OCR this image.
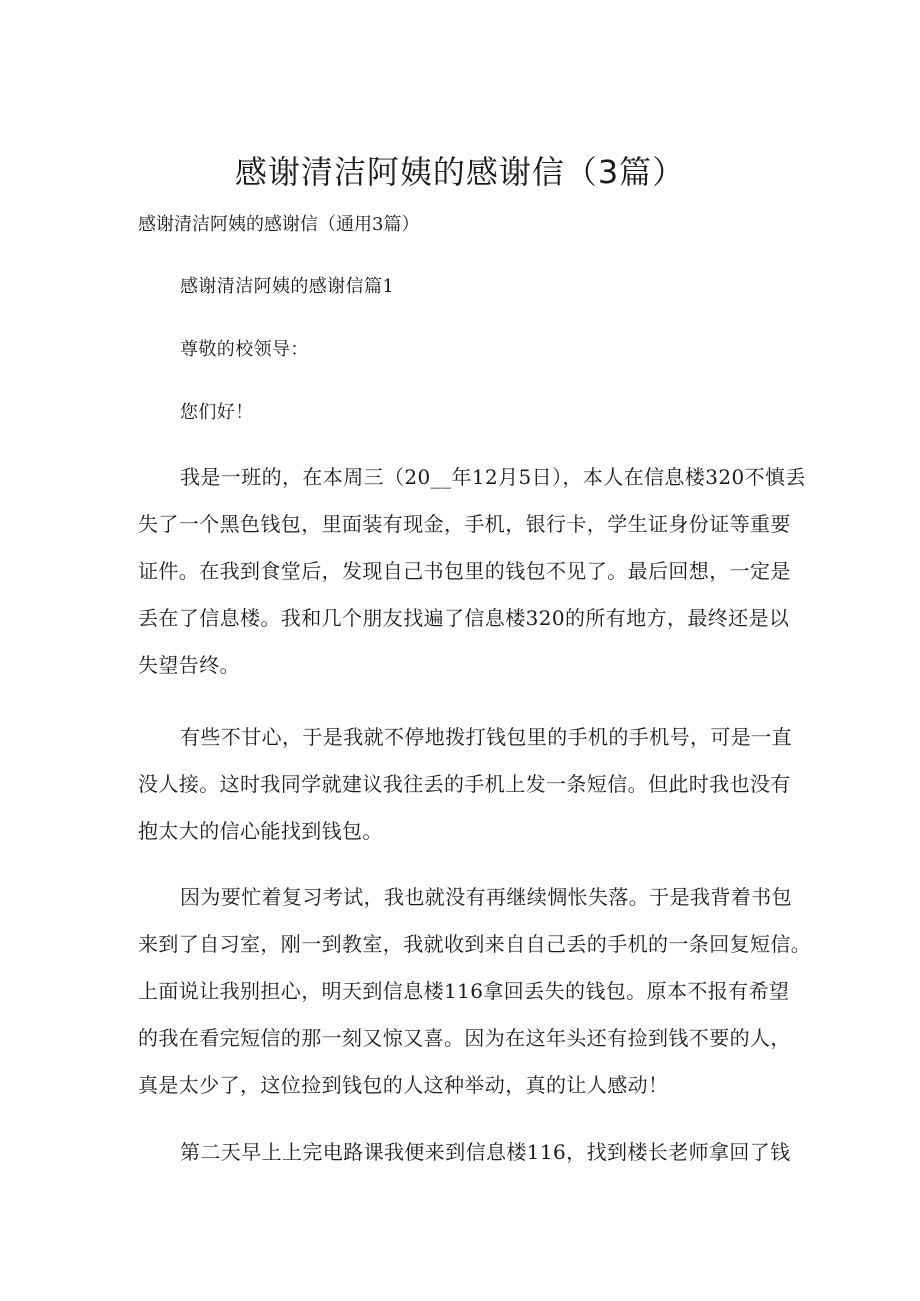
感谢清洁阿姨的感谢信（3篇）

感谢清洁阿姨的感谢信（通用3篇）

感谢清洁阿姨的感谢信篇1

尊敬的校领导：

您们好！

我是一班的，在本周三（20__年12月5日），本人在信息楼320不慎丢

失了一个黑色钱包，里面装有现金，手机，银行卡，学生证身份证等重要

证件。在我到食堂后，发现自己书包里的钱包不见了。最后回想，一定是

丢在了信息楼。我和几个朋友找遍了信息楼320的所有地方，最终还是以

失望告终。

有些不甘心，于是我就不停地拨打钱包里的手机的手机号，可是一直

没人接。这时我同学就建议我往丢的手机上发一条短信。但此时我也没有

抱太大的信心能找到钱包。

因为要忙着复习考试，我也就没有再继续惆怅失落。于是我背着书包

来到了自习室，刚一到教室，我就收到来自自己丢的手机的一条回复短信。

上面说让我别担心，明天到信息楼116拿回丢失的钱包。原本不报有希望

的我在看完短信的那一刻又惊又喜。因为在这年头还有捡到钱不要的人，

真是太少了，这位捡到钱包的人这种举动，真的让人感动！

第二天早上上完电路课我便来到信息楼116，找到楼长老师拿回了钱
